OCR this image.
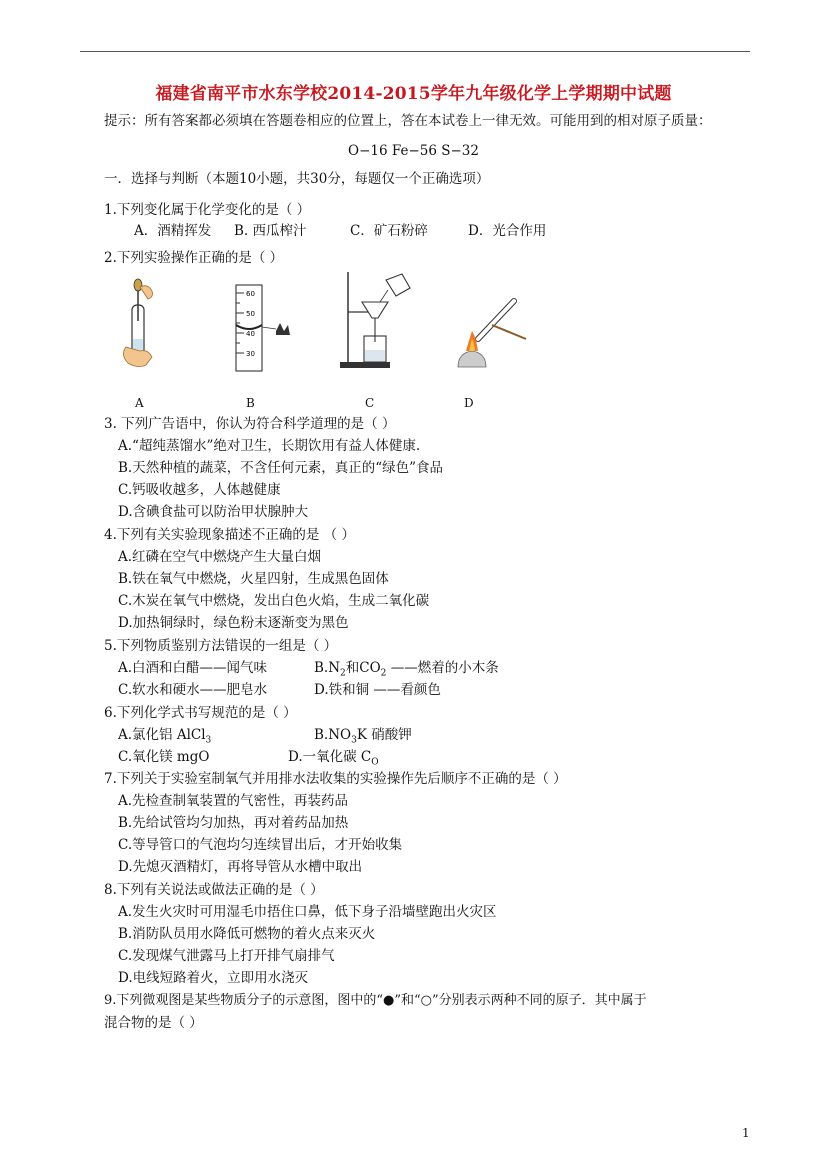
福建省南平市水东学校2014-2015学年九年级化学上学期期中试题
提示：所有答案都必须填在答题卷相应的位置上，答在本试卷上一律无效。可能用到的相对原子质量：
O−16 Fe−56 S−32
一．选择与判断（本题10小题，共30分，每题仅一个正确选项）
1.下列变化属于化学变化的是（ ）
A．酒精挥发 B. 西瓜榨汁	C．矿石粉碎	D．光合作用
2.下列实验操作正确的是（ ）
A
60
50
40
30
B	C	D
3. 下列广告语中，你认为符合科学道理的是（ ）
A.“超纯蒸馏水”绝对卫生，长期饮用有益人体健康.
B.天然种植的蔬菜，不含任何元素，真正的“绿色”食品
C.钙吸收越多，人体越健康
D.含碘食盐可以防治甲状腺肿大
4.下列有关实验现象描述不正确的是 （ ）
A.红磷在空气中燃烧产生大量白烟
B.铁在氧气中燃烧，火星四射，生成黑色固体
C.木炭在氧气中燃烧，发出白色火焰，生成二氧化碳
D.加热铜绿时，绿色粉末逐渐变为黑色
5.下列物质鉴别方法错误的一组是（ ）
A.白酒和白醋——闻气味	$B.N_2$和$CO_2$ ——燃着的小木条
C.软水和硬水——肥皂水	D.铁和铜 ——看颜色
6.下列化学式书写规范的是（ ）
A.氯化铝 AlCl$_3$	$B.NO_3K$ 硝酸钾
C.氧化镁 mgO	D.一氧化碳 $C_O$
7.下列关于实验室制氧气并用排水法收集的实验操作先后顺序不正确的是（ ）
A.先检查制氧装置的气密性，再装药品
B.先给试管均匀加热，再对着药品加热
C.等导管口的气泡均匀连续冒出后，才开始收集
D.先熄灭酒精灯，再将导管从水槽中取出
8.下列有关说法或做法正确的是（ ）
A.发生火灾时可用湿毛巾捂住口鼻，低下身子沿墙壁跑出火灾区
B.消防队员用水降低可燃物的着火点来灭火
C.发现煤气泄露马上打开排气扇排气
D.电线短路着火，立即用水浇灭
9.下列微观图是某些物质分子的示意图，图中的“●”和“○”分别表示两种不同的原子．其中属于
混合物的是（ ）
1
